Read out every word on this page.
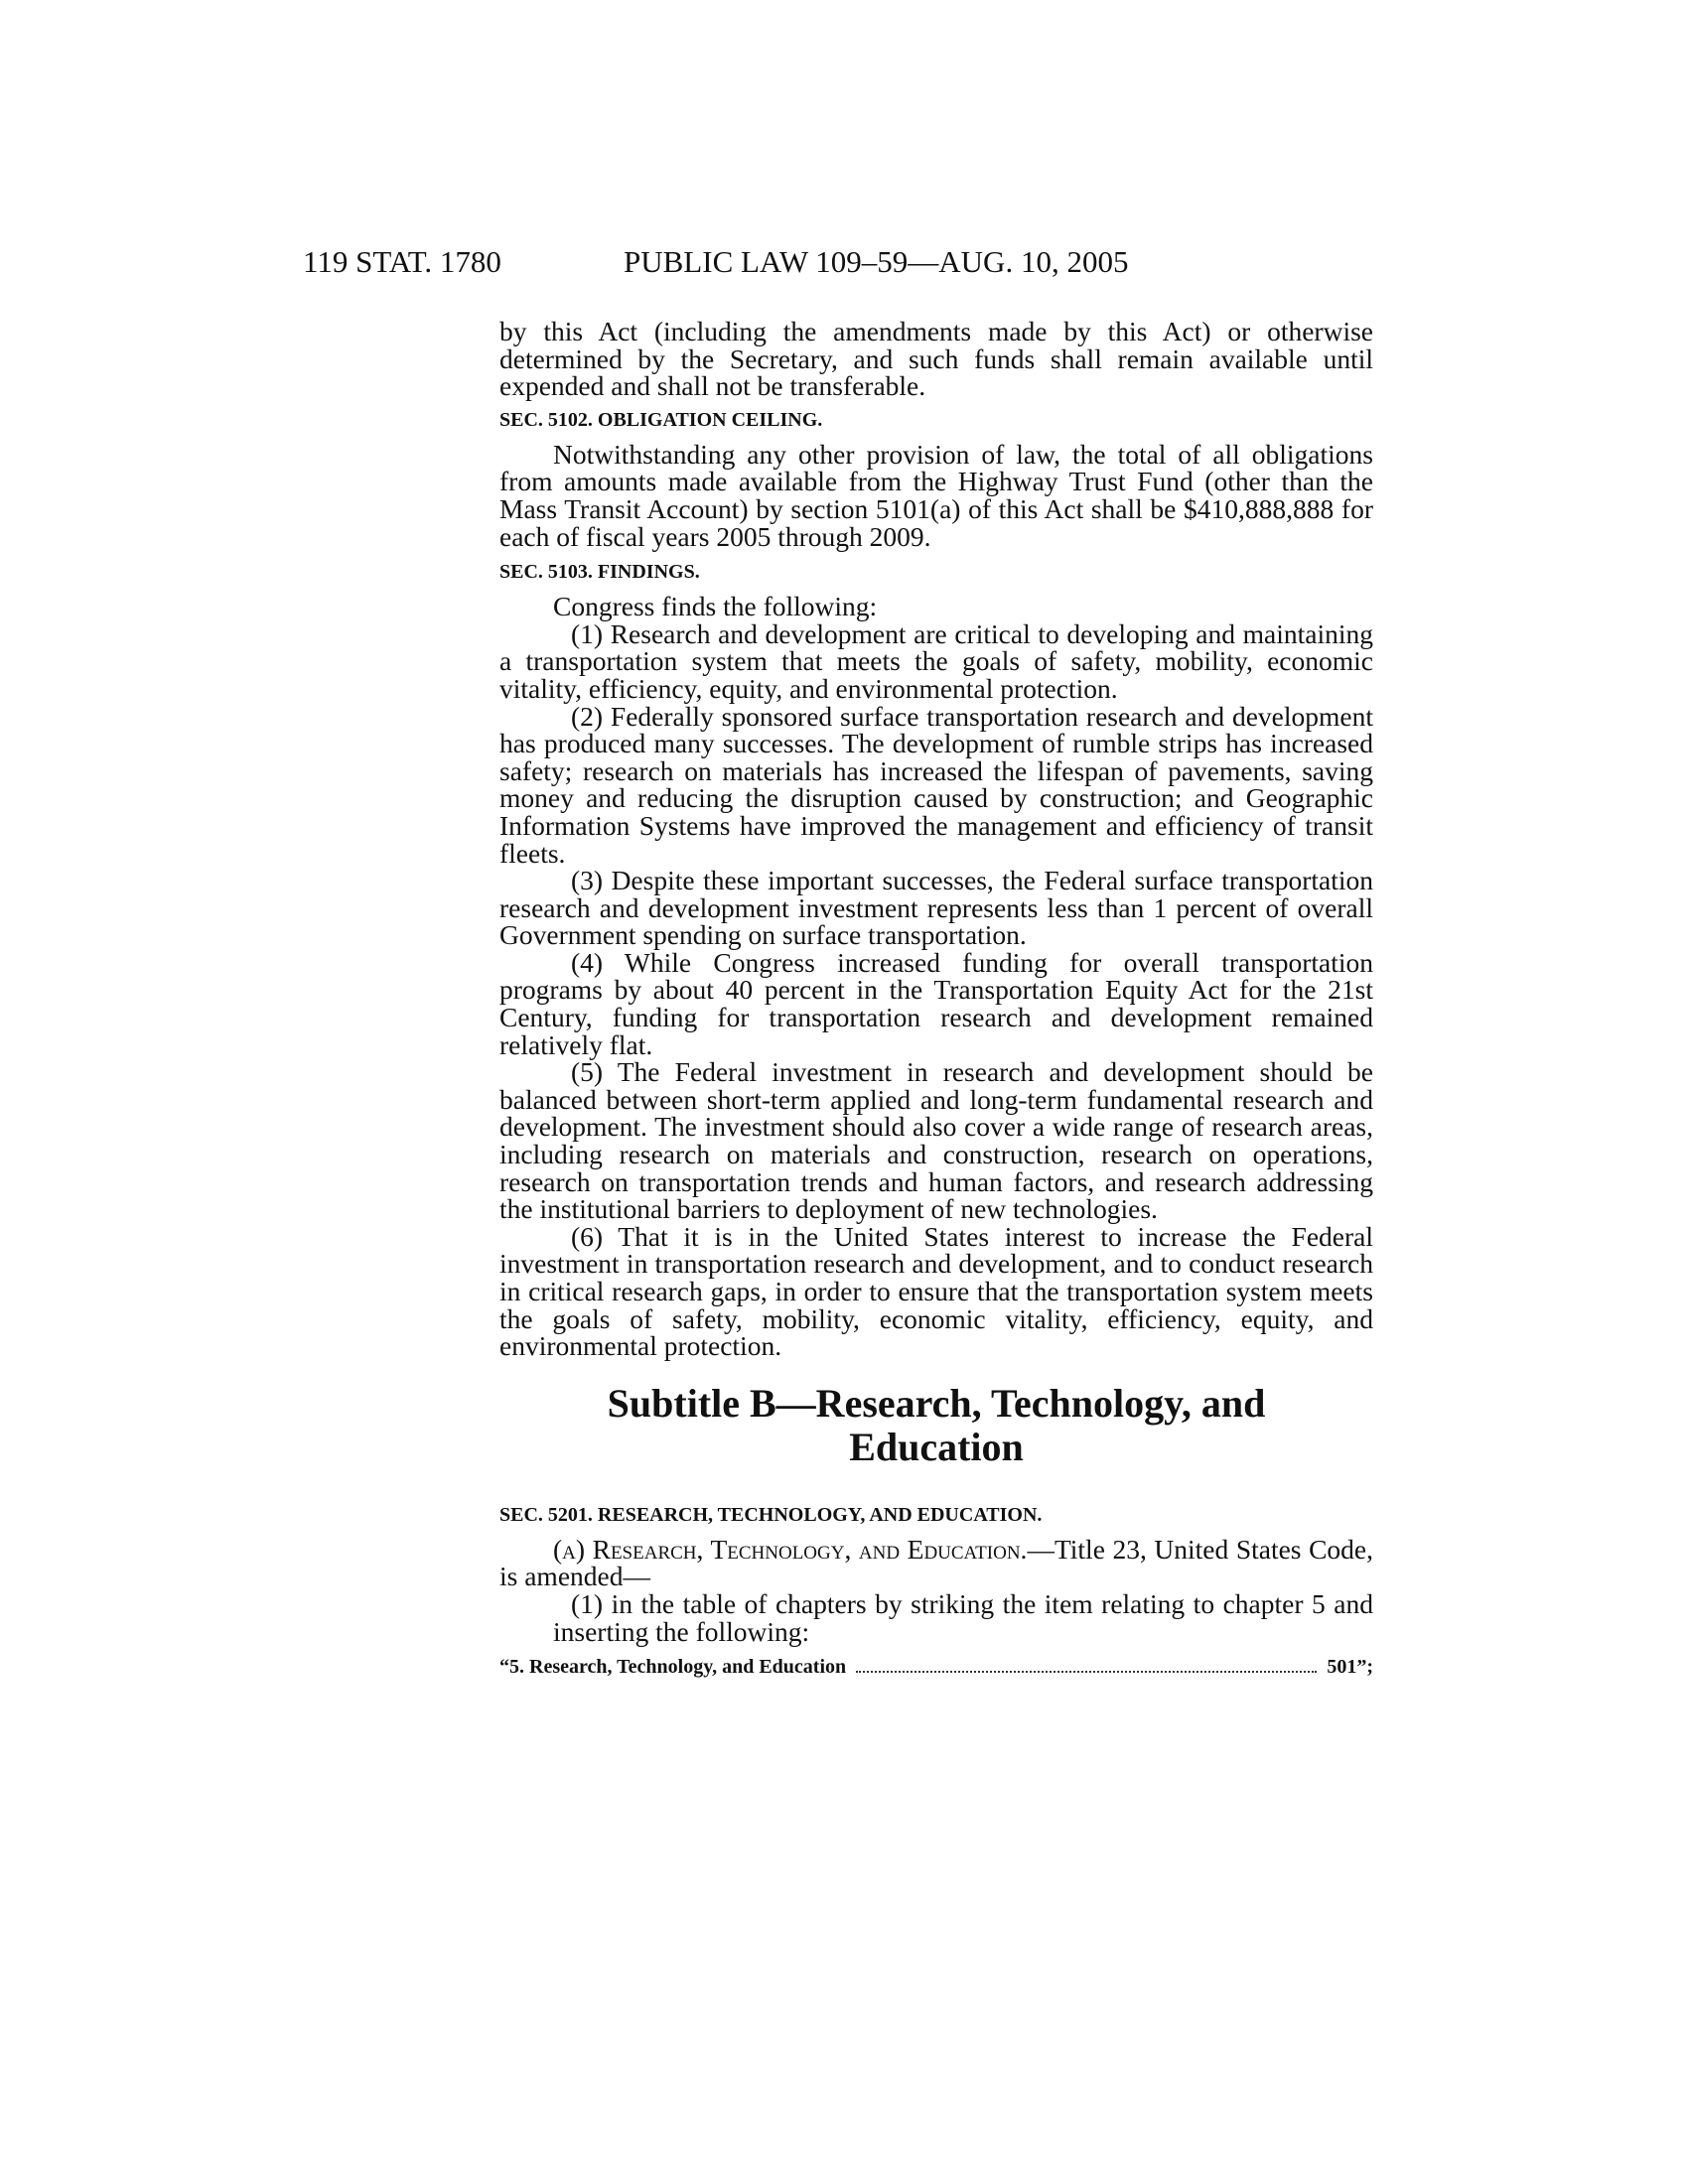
119 STAT. 1780	PUBLIC LAW 109–59—AUG. 10, 2005

by this Act (including the amendments made by this Act) or otherwise determined by the Secretary, and such funds shall remain available until expended and shall not be transferable.

SEC. 5102. OBLIGATION CEILING.

Notwithstanding any other provision of law, the total of all obligations from amounts made available from the Highway Trust Fund (other than the Mass Transit Account) by section 5101(a) of this Act shall be $410,888,888 for each of fiscal years 2005 through 2009.

SEC. 5103. FINDINGS.

Congress finds the following:

(1) Research and development are critical to developing and maintaining a transportation system that meets the goals of safety, mobility, economic vitality, efficiency, equity, and environmental protection.

(2) Federally sponsored surface transportation research and development has produced many successes. The development of rumble strips has increased safety; research on materials has increased the lifespan of pavements, saving money and reducing the disruption caused by construction; and Geographic Information Systems have improved the management and efficiency of transit fleets.

(3) Despite these important successes, the Federal surface transportation research and development investment represents less than 1 percent of overall Government spending on surface transportation.

(4) While Congress increased funding for overall transportation programs by about 40 percent in the Transportation Equity Act for the 21st Century, funding for transportation research and development remained relatively flat.

(5) The Federal investment in research and development should be balanced between short-term applied and long-term fundamental research and development. The investment should also cover a wide range of research areas, including research on materials and construction, research on operations, research on transportation trends and human factors, and research addressing the institutional barriers to deployment of new technologies.

(6) That it is in the United States interest to increase the Federal investment in transportation research and development, and to conduct research in critical research gaps, in order to ensure that the transportation system meets the goals of safety, mobility, economic vitality, efficiency, equity, and environmental protection.

Subtitle B—Research, Technology, and
Education
SEC. 5201. RESEARCH, TECHNOLOGY, AND EDUCATION.

(a) Research, Technology, and Education.—Title 23, United States Code, is amended—

(1) in the table of chapters by striking the item relating to chapter 5 and inserting the following:

“5. Research, Technology, and Education	501”;
